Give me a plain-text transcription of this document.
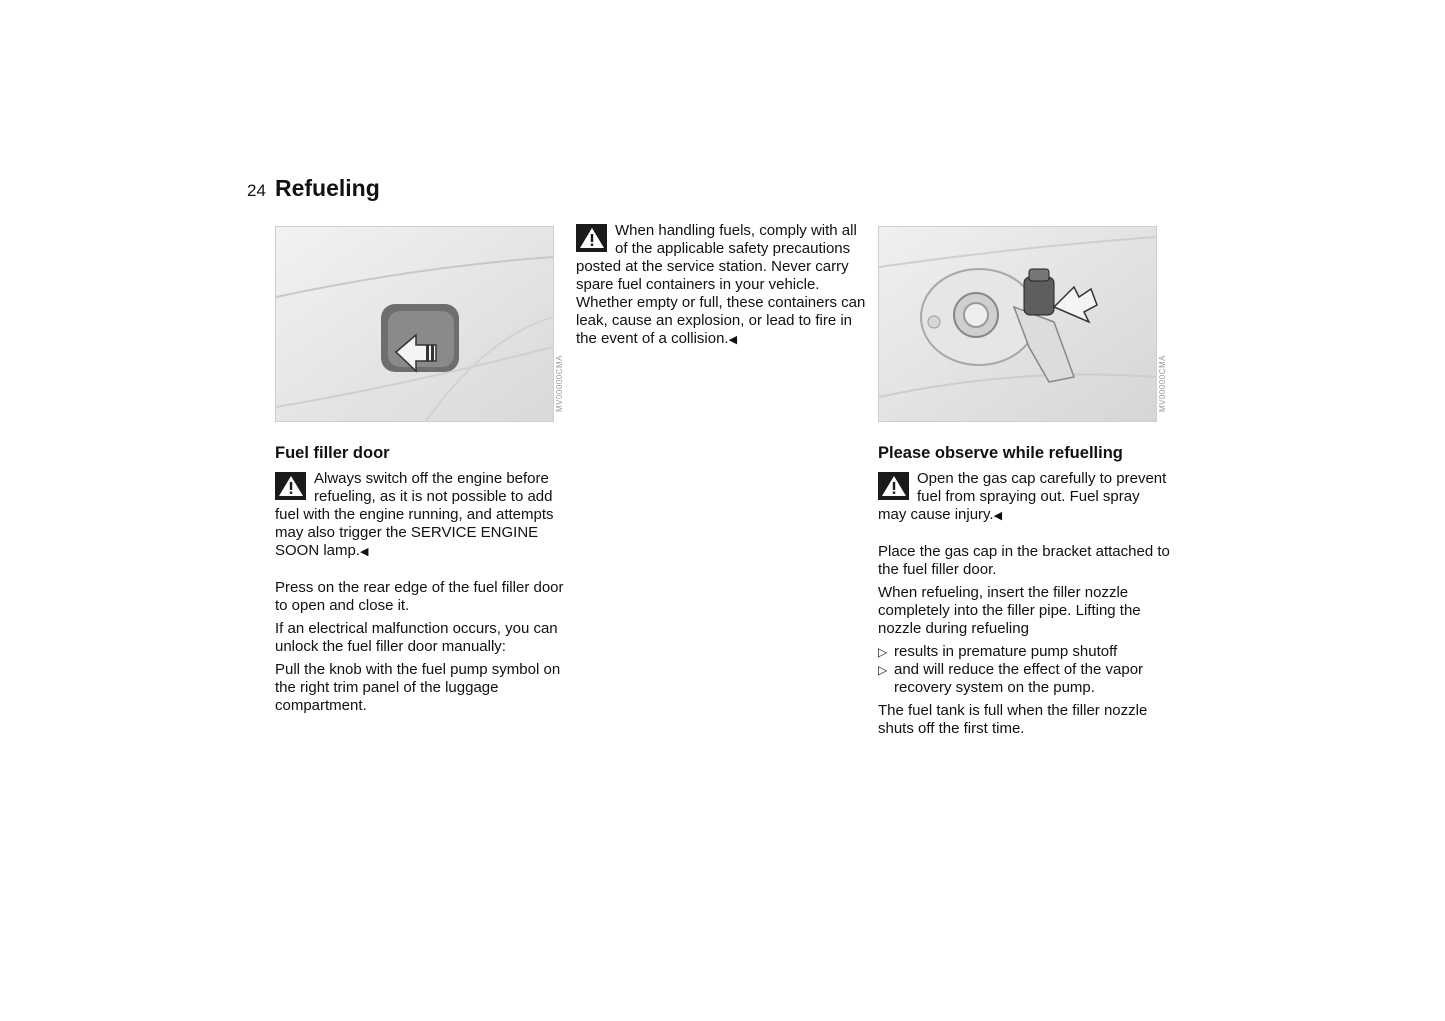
24 Refueling
MV00000CMA	MV00000CMA
When handling fuels, comply with all of the applicable safety precautions posted at the service station. Never carry spare fuel containers in your vehicle. Whether empty or full, these containers can leak, cause an explosion, or lead to fire in the event of a collision.◀
Fuel filler door
Always switch off the engine before refueling, as it is not possible to add fuel with the engine running, and attempts may also trigger the SERVICE ENGINE SOON lamp.◀

Press on the rear edge of the fuel filler door to open and close it.

If an electrical malfunction occurs, you can unlock the fuel filler door manually:

Pull the knob with the fuel pump symbol on the right trim panel of the luggage compartment.

Please observe while refuelling
Open the gas cap carefully to prevent fuel from spraying out. Fuel spray may cause injury.◀

Place the gas cap in the bracket attached to the fuel filler door.

When refueling, insert the filler nozzle completely into the filler pipe. Lifting the nozzle during refueling

▷ results in premature pump shutoff

▷ and will reduce the effect of the vapor recovery system on the pump.

The fuel tank is full when the filler nozzle shuts off the first time.
